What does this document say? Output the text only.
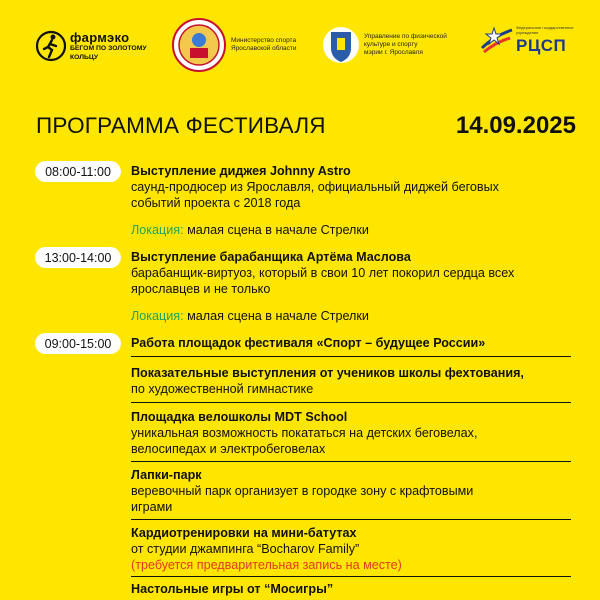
фармэко
БЕГОМ ПО ЗОЛОТОМУ
КОЛЬЦУ
Министерство спорта
Ярославской области
Управление по физической
культуре и спорту
мэрии г. Ярославля
Федеральное государственное
учреждение
РЦСП
ПРОГРАММА ФЕСТИВАЛЯ	14.09.2025
08:00-11:00	Выступление диджея Johnny Astro
саунд-продюсер из Ярославля, официальный диджей беговых
событий проекта с 2018 года
Локация: малая сцена в начале Стрелки
13:00-14:00	Выступление барабанщика Артёма Маслова
барабанщик-виртуоз, который в свои 10 лет покорил сердца всех
ярославцев и не только
Локация: малая сцена в начале Стрелки
09:00-15:00	Работа площадок фестиваля «Спорт – будущее России»
Показательные выступления от учеников школы фехтования,
по художественной гимнастике
Площадка велошколы MDT School
уникальная возможность покататься на детских беговелах,
велосипедах и электробеговелах
Лапки-парк
веревочный парк организует в городке зону с крафтовыми
играми
Кардиотренировки на мини-батутах
от студии джампинга “Bocharov Family”
(требуется предварительная запись на месте)
Настольные игры от “Мосигры”
